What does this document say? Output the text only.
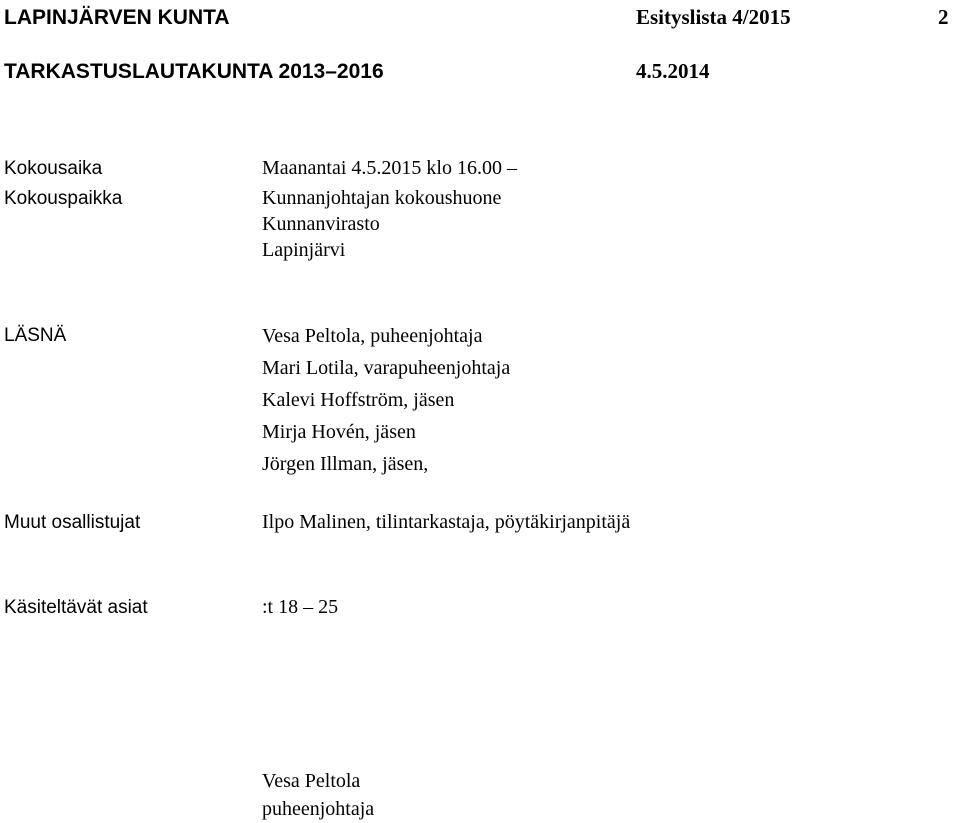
LAPINJÄRVEN KUNTA	Esityslista 4/2015	2
TARKASTUSLAUTAKUNTA 2013–2016	4.5.2014
Kokousaika	Maanantai 4.5.2015 klo 16.00 –
Kokouspaikka	Kunnanjohtajan kokoushuone
Kunnanvirasto
Lapinjärvi
LÄSNÄ	Vesa Peltola, puheenjohtaja
Mari Lotila, varapuheenjohtaja
Kalevi Hoffström, jäsen
Mirja Hovén, jäsen
Jörgen Illman, jäsen,
Muut osallistujat	Ilpo Malinen, tilintarkastaja, pöytäkirjanpitäjä
Käsiteltävät asiat	:t 18 – 25
Vesa Peltola
puheenjohtaja
